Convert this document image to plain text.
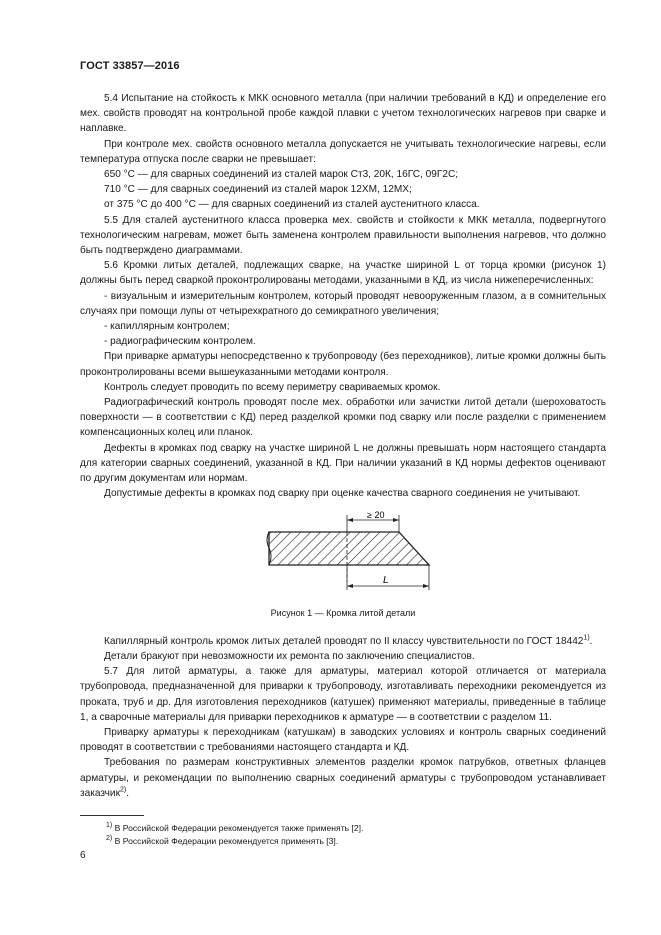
ГОСТ 33857—2016

5.4 Испытание на стойкость к МКК основного металла (при наличии требований в КД) и определение его мех. свойств проводят на контрольной пробе каждой плавки с учетом технологических нагревов при сварке и наплавке.

При контроле мех. свойств основного металла допускается не учитывать технологические нагревы, если температура отпуска после сварки не превышает:

650 °С — для сварных соединений из сталей марок Ст3, 20К, 16ГС, 09Г2С;

710 °С — для сварных соединений из сталей марок 12ХМ, 12МХ;

от 375 °С до 400 °С — для сварных соединений из сталей аустенитного класса.

5.5 Для сталей аустенитного класса проверка мех. свойств и стойкости к МКК металла, подвергнутого технологическим нагревам, может быть заменена контролем правильности выполнения нагревов, что должно быть подтверждено диаграммами.

5.6 Кромки литых деталей, подлежащих сварке, на участке шириной L от торца кромки (рисунок 1) должны быть перед сваркой проконтролированы методами, указанными в КД, из числа нижеперечисленных:

- визуальным и измерительным контролем, который проводят невооруженным глазом, а в сомнительных случаях при помощи лупы от четырехкратного до семикратного увеличения;

- капиллярным контролем;

- радиографическим контролем.

При приварке арматуры непосредственно к трубопроводу (без переходников), литые кромки должны быть проконтролированы всеми вышеуказанными методами контроля.

Контроль следует проводить по всему периметру свариваемых кромок.

Радиографический контроль проводят после мех. обработки или зачистки литой детали (шероховатость поверхности — в соответствии с КД) перед разделкой кромки под сварку или после разделки с применением компенсационных колец или планок.

Дефекты в кромках под сварку на участке шириной L не должны превышать норм настоящего стандарта для категории сварных соединений, указанной в КД. При наличии указаний в КД нормы дефектов оценивают по другим документам или нормам.

Допустимые дефекты в кромках под сварку при оценке качества сварного соединения не учитывают.

≥ 20
L
Рисунок 1 — Кромка литой детали

Капиллярный контроль кромок литых деталей проводят по II классу чувствительности по ГОСТ 18442$^{1)}$.

Детали бракуют при невозможности их ремонта по заключению специалистов.

5.7 Для литой арматуры, а также для арматуры, материал которой отличается от материала трубопровода, предназначенной для приварки к трубопроводу, изготавливать переходники рекомендуется из проката, труб и др. Для изготовления переходников (катушек) применяют материалы, приведенные в таблице 1, а сварочные материалы для приварки переходников к арматуре — в соответствии с разделом 11.

Приварку арматуры к переходникам (катушкам) в заводских условиях и контроль сварных соединений проводят в соответствии с требованиями настоящего стандарта и КД.

Требования по размерам конструктивных элементов разделки кромок патрубков, ответных фланцев арматуры, и рекомендации по выполнению сварных соединений арматуры с трубопроводом устанавливает заказчик$^{2)}$.

$^{1)}$ В Российской Федерации рекомендуется также применять [2].
$^{2)}$ В Российской Федерации рекомендуется применять [3].
6
